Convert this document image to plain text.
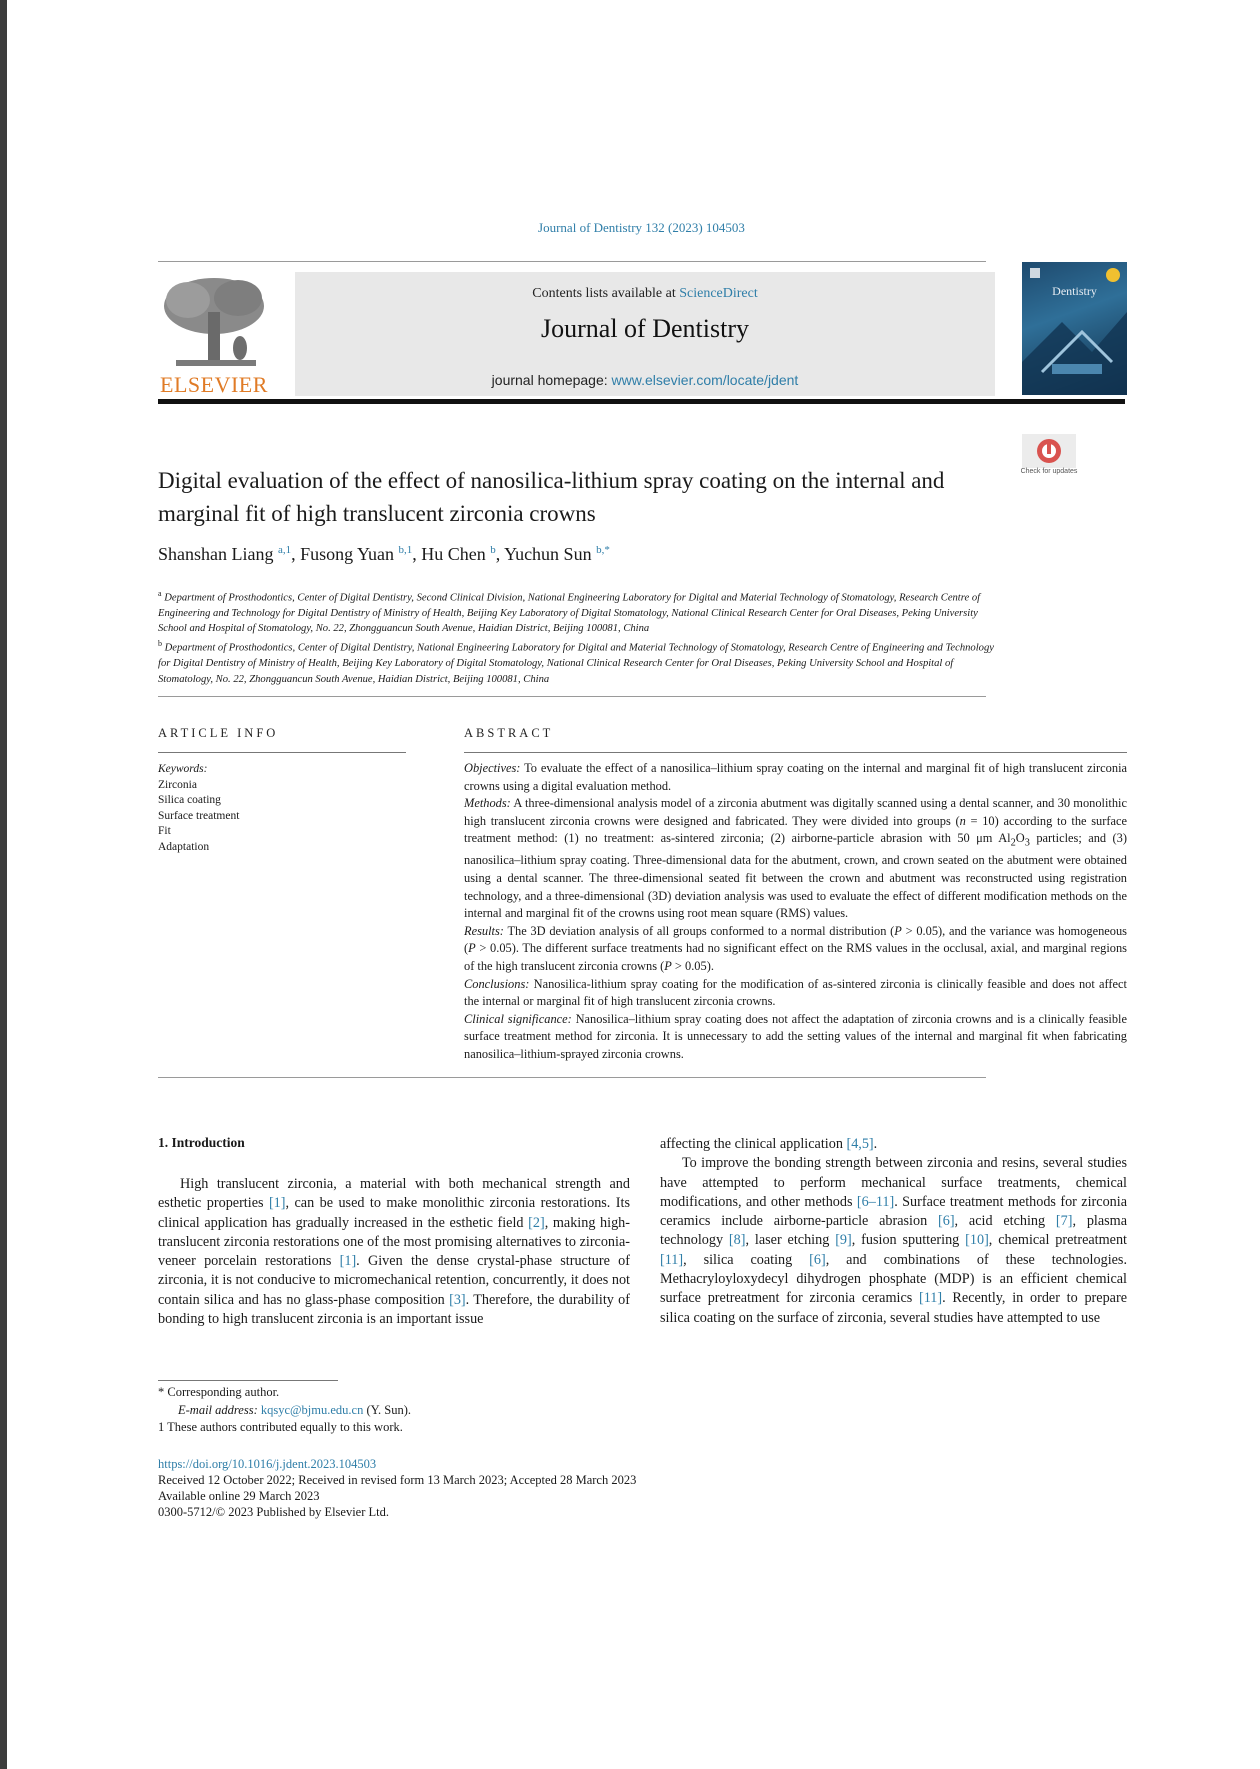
Journal of Dentistry 132 (2023) 104503
ELSEVIER
Contents lists available at ScienceDirect
Journal of Dentistry
journal homepage: www.elsevier.com/locate/jdent
Dentistry
Check for updates
Digital evaluation of the effect of nanosilica-lithium spray coating on the internal and marginal fit of high translucent zirconia crowns
Shanshan Liang $^{a,1}$, Fusong Yuan $^{b,1}$, Hu Chen $^b$, Yuchun Sun $^{b,*}$
$^a$ Department of Prosthodontics, Center of Digital Dentistry, Second Clinical Division, National Engineering Laboratory for Digital and Material Technology of Stomatology, Research Centre of Engineering and Technology for Digital Dentistry of Ministry of Health, Beijing Key Laboratory of Digital Stomatology, National Clinical Research Center for Oral Diseases, Peking University School and Hospital of Stomatology, No. 22, Zhongguancun South Avenue, Haidian District, Beijing 100081, China
$^b$ Department of Prosthodontics, Center of Digital Dentistry, National Engineering Laboratory for Digital and Material Technology of Stomatology, Research Centre of Engineering and Technology for Digital Dentistry of Ministry of Health, Beijing Key Laboratory of Digital Stomatology, National Clinical Research Center for Oral Diseases, Peking University School and Hospital of Stomatology, No. 22, Zhongguancun South Avenue, Haidian District, Beijing 100081, China
ARTICLE INFO	ABSTRACT
Keywords:
Zirconia
Silica coating
Surface treatment
Fit
Adaptation
Objectives: To evaluate the effect of a nanosilica–lithium spray coating on the internal and marginal fit of high translucent zirconia crowns using a digital evaluation method.
Methods: A three-dimensional analysis model of a zirconia abutment was digitally scanned using a dental scanner, and 30 monolithic high translucent zirconia crowns were designed and fabricated. They were divided into groups (n = 10) according to the surface treatment method: (1) no treatment: as-sintered zirconia; (2) airborne-particle abrasion with 50 μm $Al_2O_3$ particles; and (3) nanosilica–lithium spray coating. Three-dimensional data for the abutment, crown, and crown seated on the abutment were obtained using a dental scanner. The three-dimensional seated fit between the crown and abutment was reconstructed using registration technology, and a three-dimensional (3D) deviation analysis was used to evaluate the effect of different modification methods on the internal and marginal fit of the crowns using root mean square (RMS) values.
Results: The 3D deviation analysis of all groups conformed to a normal distribution (P > 0.05), and the variance was homogeneous (P > 0.05). The different surface treatments had no significant effect on the RMS values in the occlusal, axial, and marginal regions of the high translucent zirconia crowns (P > 0.05).
Conclusions: Nanosilica-lithium spray coating for the modification of as-sintered zirconia is clinically feasible and does not affect the internal or marginal fit of high translucent zirconia crowns.
Clinical significance: Nanosilica–lithium spray coating does not affect the adaptation of zirconia crowns and is a clinically feasible surface treatment method for zirconia. It is unnecessary to add the setting values of the internal and marginal fit when fabricating nanosilica–lithium-sprayed zirconia crowns.
1. Introduction
High translucent zirconia, a material with both mechanical strength and esthetic properties [1], can be used to make monolithic zirconia restorations. Its clinical application has gradually increased in the esthetic field [2], making high-translucent zirconia restorations one of the most promising alternatives to zirconia-veneer porcelain restorations [1]. Given the dense crystal-phase structure of zirconia, it is not conducive to micromechanical retention, concurrently, it does not contain silica and has no glass-phase composition [3]. Therefore, the durability of bonding to high translucent zirconia is an important issue
affecting the clinical application [4,5].
To improve the bonding strength between zirconia and resins, several studies have attempted to perform mechanical surface treatments, chemical modifications, and other methods [6–11]. Surface treatment methods for zirconia ceramics include airborne-particle abrasion [6], acid etching [7], plasma technology [8], laser etching [9], fusion sputtering [10], chemical pretreatment [11], silica coating [6], and combinations of these technologies. Methacryloyloxydecyl dihydrogen phosphate (MDP) is an efficient chemical surface pretreatment for zirconia ceramics [11]. Recently, in order to prepare silica coating on the surface of zirconia, several studies have attempted to use
* Corresponding author.
E-mail address: kqsyc@bjmu.edu.cn (Y. Sun).
1 These authors contributed equally to this work.
https://doi.org/10.1016/j.jdent.2023.104503
Received 12 October 2022; Received in revised form 13 March 2023; Accepted 28 March 2023
Available online 29 March 2023
0300-5712/© 2023 Published by Elsevier Ltd.
